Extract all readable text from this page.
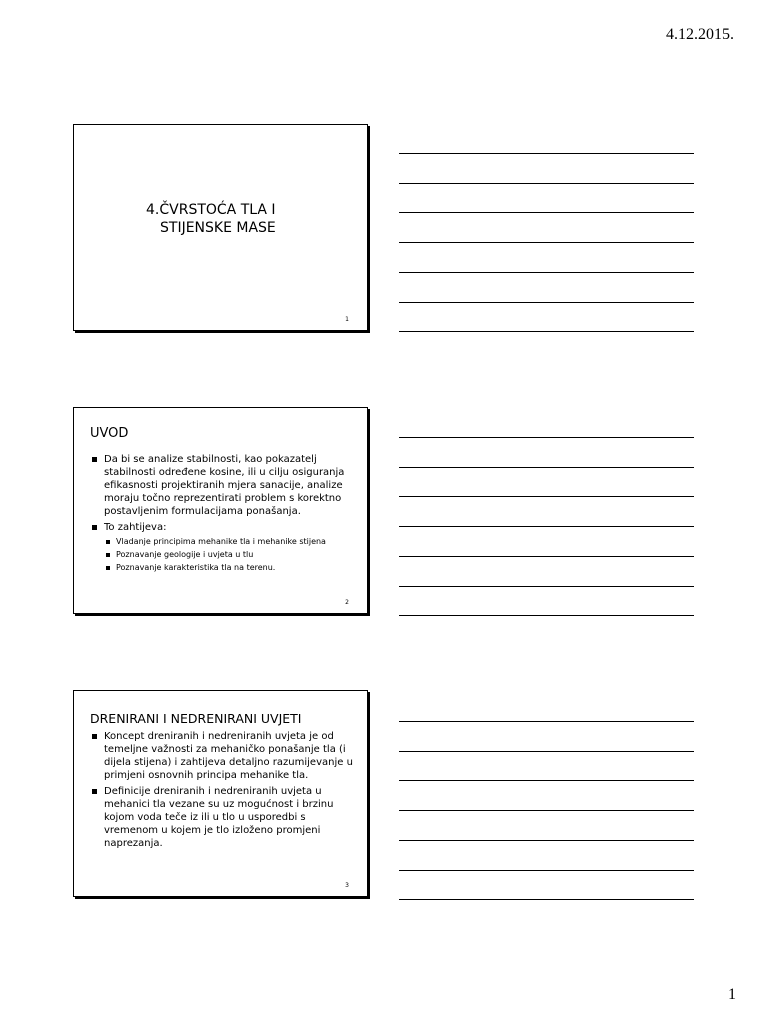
4.12.2015.
4.ČVRSTOĆA TLA I
STIJENSKE MASE
1
UVOD
Da bi se analize stabilnosti, kao pokazatelj stabilnosti određene kosine, ili u cilju osiguranja efikasnosti projektiranih mjera sanacije, analize moraju točno reprezentirati problem s korektno postavljenim formulacijama ponašanja.
To zahtijeva:
Vladanje principima mehanike tla i mehanike stijena
Poznavanje geologije i uvjeta u tlu
Poznavanje karakteristika tla na terenu.
2
DRENIRANI I NEDRENIRANI UVJETI
Koncept dreniranih i nedreniranih uvjeta je od temeljne važnosti za mehaničko ponašanje tla (i dijela stijena) i zahtijeva detaljno razumijevanje u primjeni osnovnih principa mehanike tla.
Definicije dreniranih i nedreniranih uvjeta u mehanici tla vezane su uz mogućnost i brzinu kojom voda teče iz ili u tlo u usporedbi s vremenom u kojem je tlo izloženo promjeni naprezanja.
3
1
